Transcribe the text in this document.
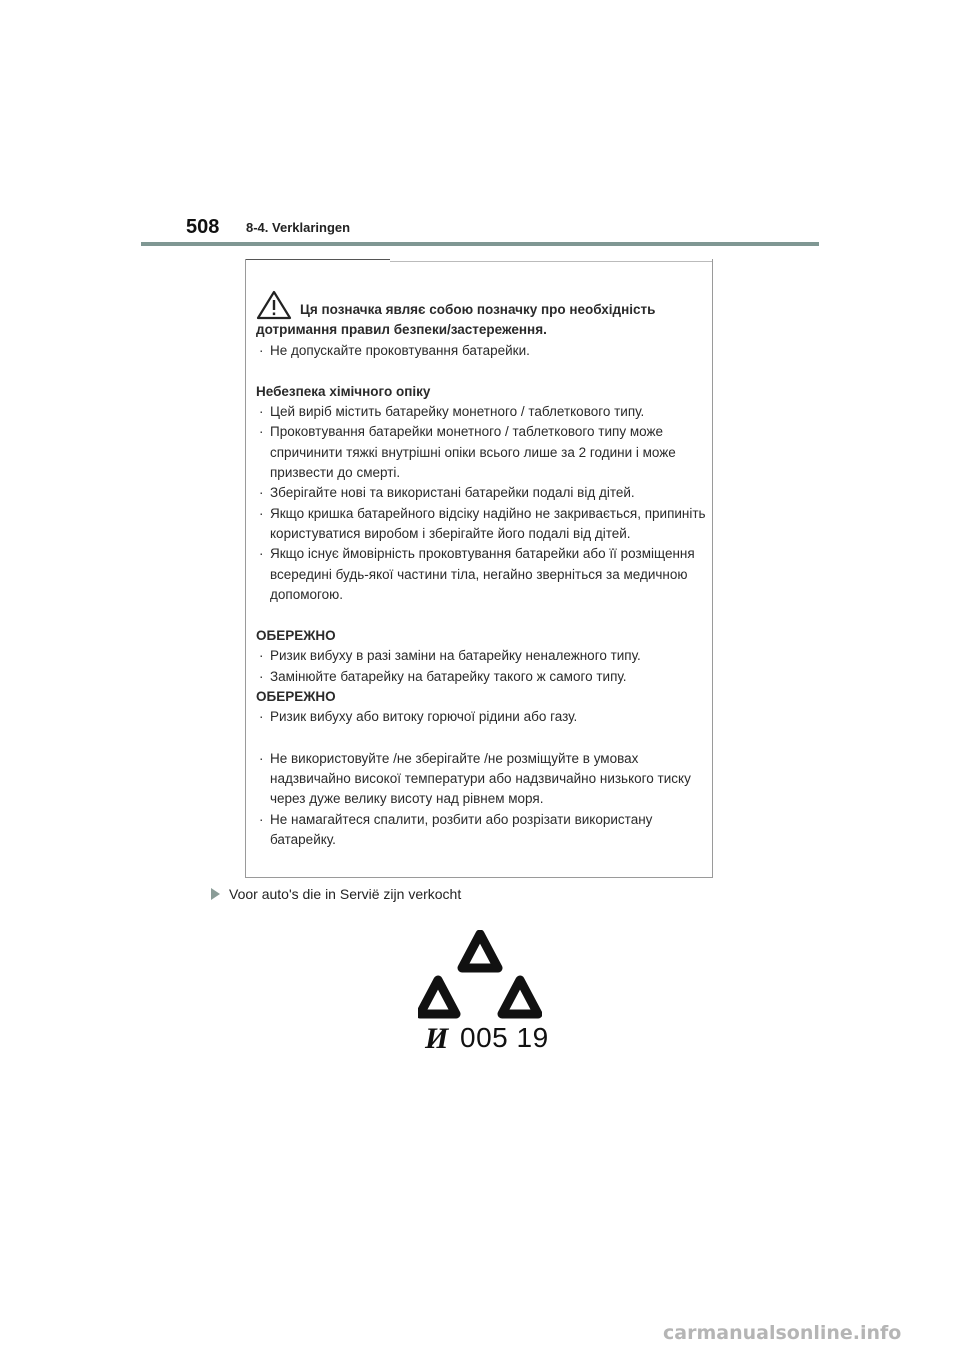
508 8-4. Verklaringen
Ця позначка являє собою позначку про необхідність

дотримання правил безпеки/застереження.

· Не допускайте проковтування батарейки.

Небезпека хімічного опіку

· Цей виріб містить батарейку монетного / таблеткового типу.

· Проковтування батарейки монетного / таблеткового типу може спричинити тяжкі внутрішні опіки всього лише за 2 години і може призвести до смерті.

· Зберігайте нові та використані батарейки подалі від дітей.

· Якщо кришка батарейного відсіку надійно не закривається, припиніть користуватися виробом і зберігайте його подалі від дітей.

· Якщо існує ймовірність проковтування батарейки або її розміщення всередині будь-якої частини тіла, негайно зверніться за медичною допомогою.

ОБЕРЕЖНО

· Ризик вибуху в разі заміни на батарейку неналежного типу.

· Замінюйте батарейку на батарейку такого ж самого типу.

ОБЕРЕЖНО

· Ризик вибуху або витоку горючої рідини або газу.

· Не використовуйте /не зберігайте /не розміщуйте в умовах надзвичайно високої температури або надзвичайно низького тиску через дуже велику висоту над рівнем моря.

· Не намагайтеся спалити, розбити або розрізати використану батарейку.

Voor auto's die in Servië zijn verkocht
И 005 19
carmanualsonline.info
